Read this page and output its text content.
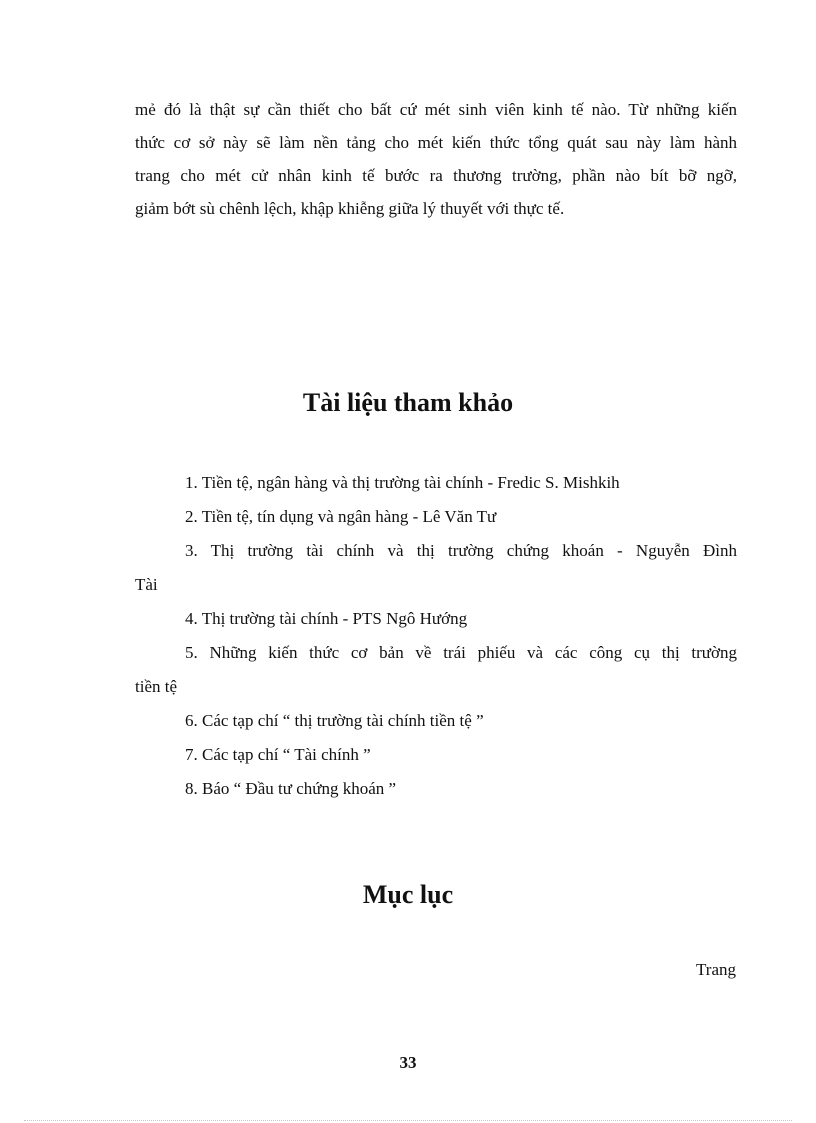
mẻ đó là thật sự cần thiết cho bất cứ mét sinh viên kinh tế nào. Từ những kiến
thức cơ sở này sẽ làm nền tảng cho mét kiến thức tổng quát sau này làm hành
trang cho mét cử nhân kinh tế bước ra thương trường, phần nào bít bỡ ngỡ,
giảm bớt sù chênh lệch, khập khiễng giữa lý thuyết với thực tế.
Tài liệu tham khảo
1. Tiền tệ, ngân hàng và thị trường tài chính - Fredic S. Mishkih
2. Tiền tệ, tín dụng và ngân hàng - Lê Văn Tư
3. Thị trường tài chính và thị trường chứng khoán - Nguyễn Đình
Tài
4. Thị trường tài chính - PTS Ngô Hướng
5. Những kiến thức cơ bản về trái phiếu và các công cụ thị trường
tiền tệ
6. Các tạp chí “ thị trường tài chính tiền tệ ”
7. Các tạp chí “ Tài chính ”
8. Báo “ Đầu tư chứng khoán ”
Mục lục
Trang
33
